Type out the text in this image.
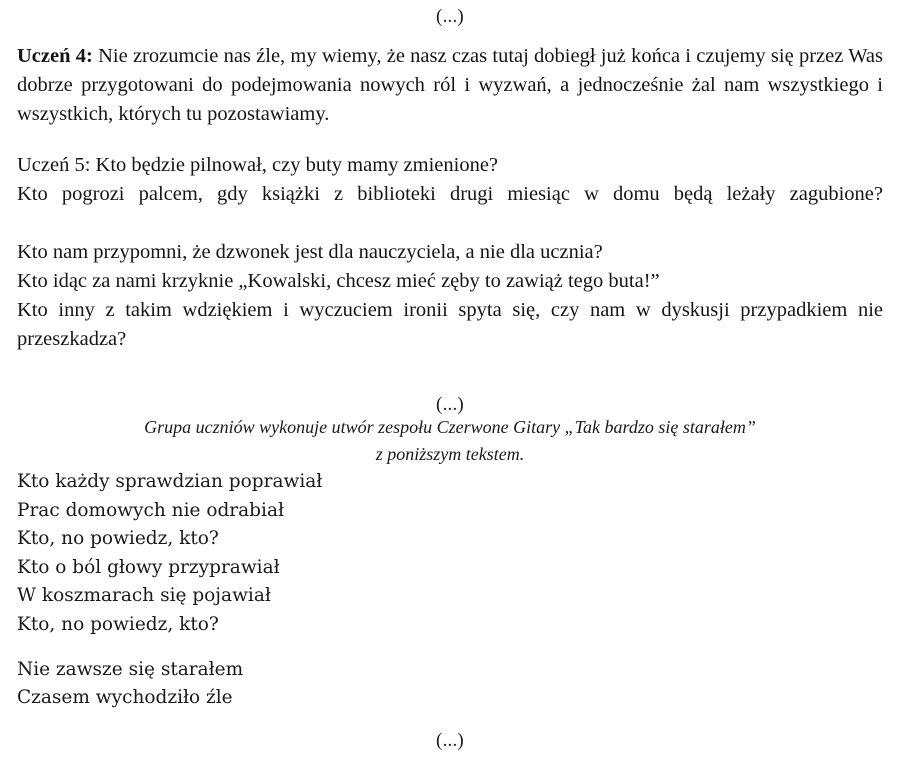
(...)

Uczeń 4: Nie zrozumcie nas źle, my wiemy, że nasz czas tutaj dobiegł już końca i czujemy się przez Was dobrze przygotowani do podejmowania nowych ról i wyzwań, a jednocześnie żal nam wszystkiego i wszystkich, których tu pozostawiamy.

Uczeń 5: Kto będzie pilnował, czy buty mamy zmienione?
Kto pogrozi palcem, gdy książki z biblioteki drugi miesiąc w domu będą leżały zagubione?
Kto nam przypomni, że dzwonek jest dla nauczyciela, a nie dla ucznia?
Kto idąc za nami krzyknie „Kowalski, chcesz mieć zęby to zawiąż tego buta!”
Kto inny z takim wdziękiem i wyczuciem ironii spyta się, czy nam w dyskusji przypadkiem nie przeszkadza?
(...)
Grupa uczniów wykonuje utwór zespołu Czerwone Gitary „Tak bardzo się starałem”
z poniższym tekstem.
Kto każdy sprawdzian poprawiał
Prac domowych nie odrabiał
Kto, no powiedz, kto?
Kto o ból głowy przyprawiał
W koszmarach się pojawiał
Kto, no powiedz, kto?
Nie zawsze się starałem
Czasem wychodziło źle
(...)
